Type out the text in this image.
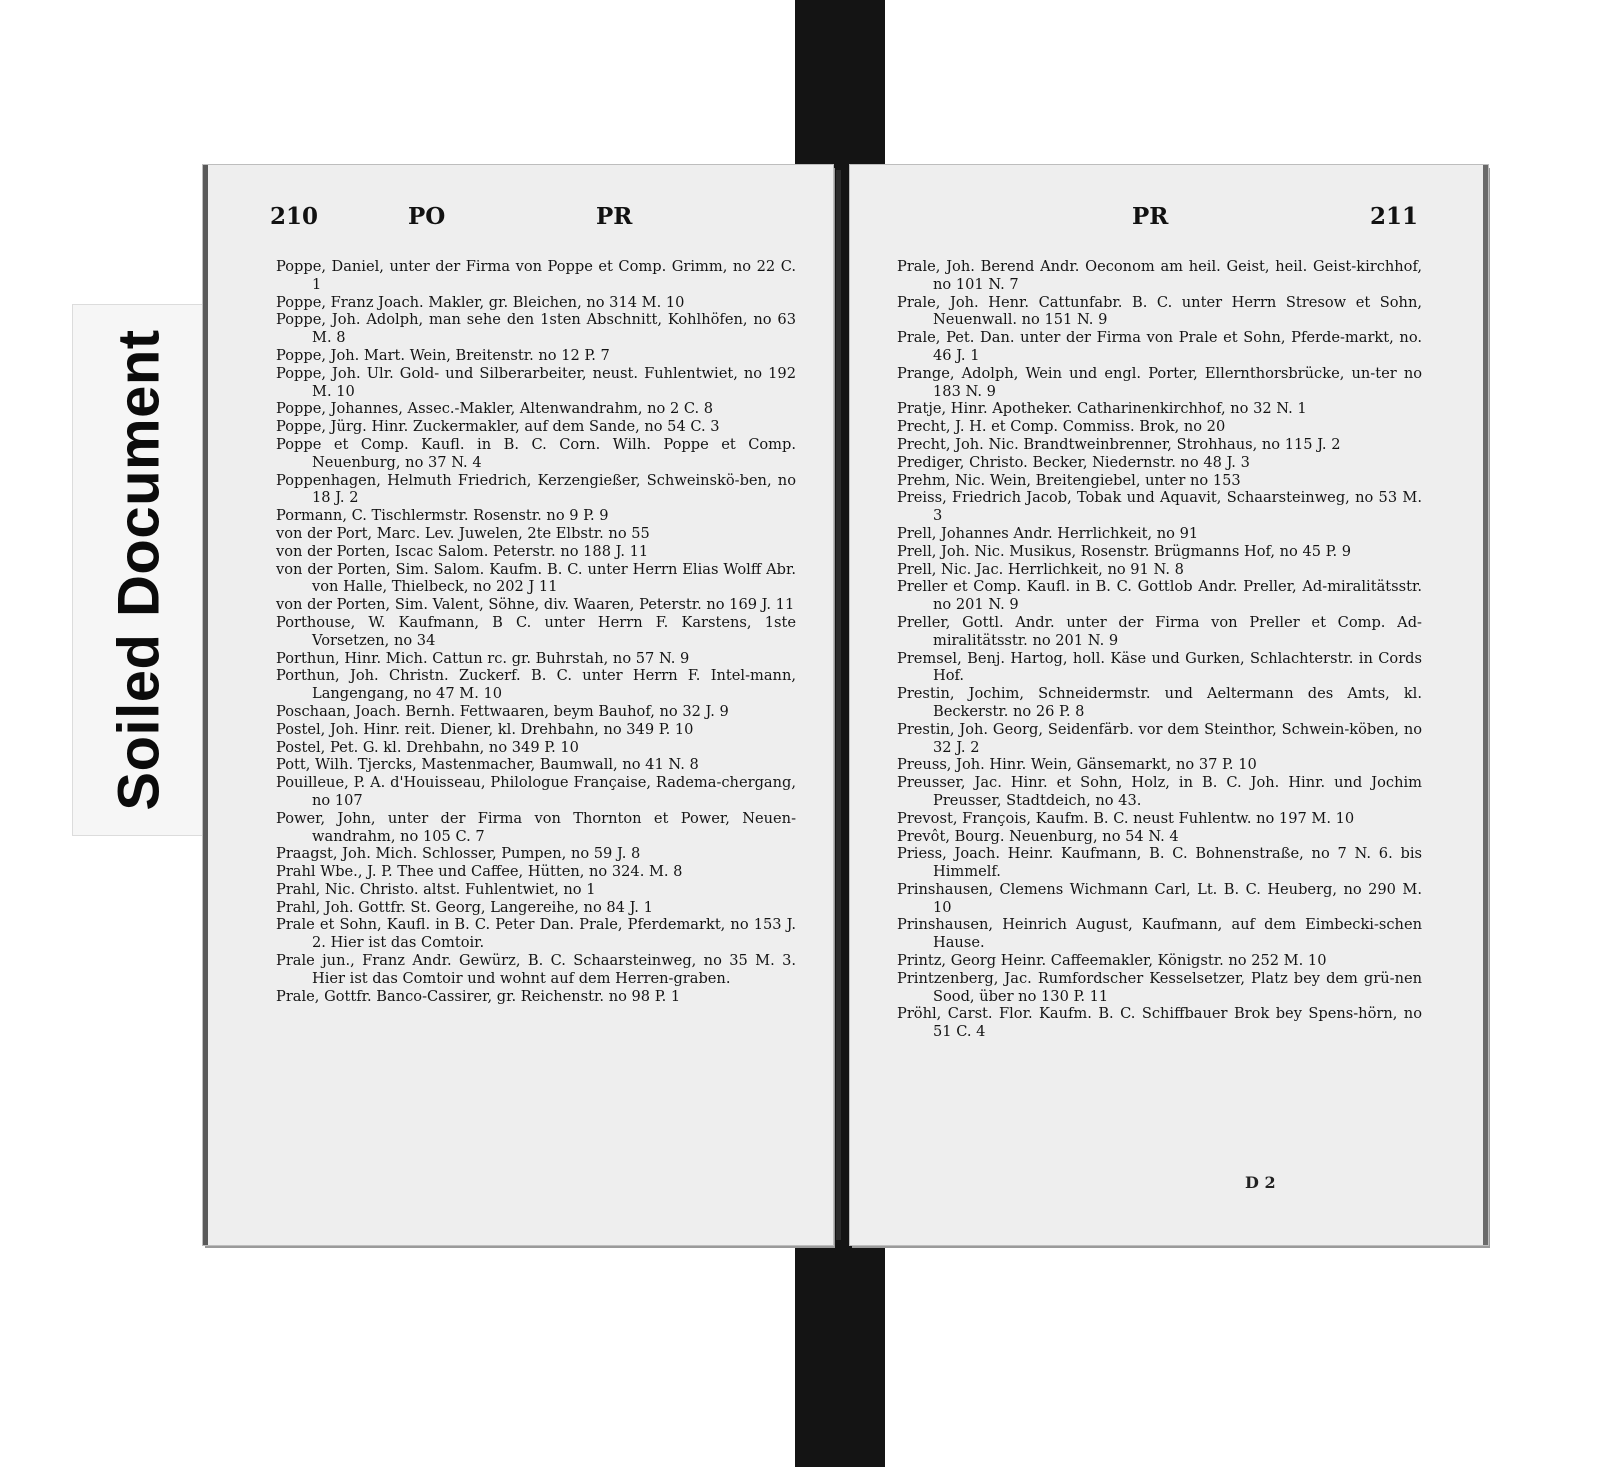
Soiled Document
210	PO	PR

Poppe, Daniel, unter der Firma von Poppe et Comp. Grimm, no 22 C. 1

Poppe, Franz Joach. Makler, gr. Bleichen, no 314 M. 10

Poppe, Joh. Adolph, man sehe den 1sten Abschnitt, Kohlhöfen, no 63 M. 8

Poppe, Joh. Mart. Wein, Breitenstr. no 12 P. 7

Poppe, Joh. Ulr. Gold- und Silberarbeiter, neust. Fuhlentwiet, no 192 M. 10

Poppe, Johannes, Assec.-Makler, Altenwandrahm, no 2 C. 8

Poppe, Jürg. Hinr. Zuckermakler, auf dem Sande, no 54 C. 3

Poppe et Comp. Kaufl. in B. C. Corn. Wilh. Poppe et Comp. Neuenburg, no 37 N. 4

Poppenhagen, Helmuth Friedrich, Kerzengießer, Schweinskö-ben, no 18 J. 2

Pormann, C. Tischlermstr. Rosenstr. no 9 P. 9

von der Port, Marc. Lev. Juwelen, 2te Elbstr. no 55

von der Porten, Iscac Salom. Peterstr. no 188 J. 11

von der Porten, Sim. Salom. Kaufm. B. C. unter Herrn Elias Wolff Abr. von Halle, Thielbeck, no 202 J 11

von der Porten, Sim. Valent, Söhne, div. Waaren, Peterstr. no 169 J. 11

Porthouse, W. Kaufmann, B C. unter Herrn F. Karstens, 1ste Vorsetzen, no 34

Porthun, Hinr. Mich. Cattun rc. gr. Buhrstah, no 57 N. 9

Porthun, Joh. Christn. Zuckerf. B. C. unter Herrn F. Intel-mann, Langengang, no 47 M. 10

Poschaan, Joach. Bernh. Fettwaaren, beym Bauhof, no 32 J. 9

Postel, Joh. Hinr. reit. Diener, kl. Drehbahn, no 349 P. 10

Postel, Pet. G. kl. Drehbahn, no 349 P. 10

Pott, Wilh. Tjercks, Mastenmacher, Baumwall, no 41 N. 8

Pouilleue, P. A. d'Houisseau, Philologue Française, Radema-chergang, no 107

Power, John, unter der Firma von Thornton et Power, Neuen-wandrahm, no 105 C. 7

Praagst, Joh. Mich. Schlosser, Pumpen, no 59 J. 8

Prahl Wbe., J. P. Thee und Caffee, Hütten, no 324. M. 8

Prahl, Nic. Christo. altst. Fuhlentwiet, no 1

Prahl, Joh. Gottfr. St. Georg, Langereihe, no 84 J. 1

Prale et Sohn, Kaufl. in B. C. Peter Dan. Prale, Pferdemarkt, no 153 J. 2. Hier ist das Comtoir.

Prale jun., Franz Andr. Gewürz, B. C. Schaarsteinweg, no 35 M. 3. Hier ist das Comtoir und wohnt auf dem Herren-graben.

Prale, Gottfr. Banco-Cassirer, gr. Reichenstr. no 98 P. 1

PR	211

Prale, Joh. Berend Andr. Oeconom am heil. Geist, heil. Geist-kirchhof, no 101 N. 7

Prale, Joh. Henr. Cattunfabr. B. C. unter Herrn Stresow et Sohn, Neuenwall. no 151 N. 9

Prale, Pet. Dan. unter der Firma von Prale et Sohn, Pferde-markt, no. 46 J. 1

Prange, Adolph, Wein und engl. Porter, Ellernthorsbrücke, un-ter no 183 N. 9

Pratje, Hinr. Apotheker. Catharinenkirchhof, no 32 N. 1

Precht, J. H. et Comp. Commiss. Brok, no 20

Precht, Joh. Nic. Brandtweinbrenner, Strohhaus, no 115 J. 2

Prediger, Christo. Becker, Niedernstr. no 48 J. 3

Prehm, Nic. Wein, Breitengiebel, unter no 153

Preiss, Friedrich Jacob, Tobak und Aquavit, Schaarsteinweg, no 53 M. 3

Prell, Johannes Andr. Herrlichkeit, no 91

Prell, Joh. Nic. Musikus, Rosenstr. Brügmanns Hof, no 45 P. 9

Prell, Nic. Jac. Herrlichkeit, no 91 N. 8

Preller et Comp. Kaufl. in B. C. Gottlob Andr. Preller, Ad-miralitätsstr. no 201 N. 9

Preller, Gottl. Andr. unter der Firma von Preller et Comp. Ad-miralitätsstr. no 201 N. 9

Premsel, Benj. Hartog, holl. Käse und Gurken, Schlachterstr. in Cords Hof.

Prestin, Jochim, Schneidermstr. und Aeltermann des Amts, kl. Beckerstr. no 26 P. 8

Prestin, Joh. Georg, Seidenfärb. vor dem Steinthor, Schwein-köben, no 32 J. 2

Preuss, Joh. Hinr. Wein, Gänsemarkt, no 37 P. 10

Preusser, Jac. Hinr. et Sohn, Holz, in B. C. Joh. Hinr. und Jochim Preusser, Stadtdeich, no 43.

Prevost, François, Kaufm. B. C. neust Fuhlentw. no 197 M. 10

Prevôt, Bourg. Neuenburg, no 54 N. 4

Priess, Joach. Heinr. Kaufmann, B. C. Bohnenstraße, no 7 N. 6. bis Himmelf.

Prinshausen, Clemens Wichmann Carl, Lt. B. C. Heuberg, no 290 M. 10

Prinshausen, Heinrich August, Kaufmann, auf dem Eimbecki-schen Hause.

Printz, Georg Heinr. Caffeemakler, Königstr. no 252 M. 10

Printzenberg, Jac. Rumfordscher Kesselsetzer, Platz bey dem grü-nen Sood, über no 130 P. 11

Pröhl, Carst. Flor. Kaufm. B. C. Schiffbauer Brok bey Spens-hörn, no 51 C. 4

D 2
